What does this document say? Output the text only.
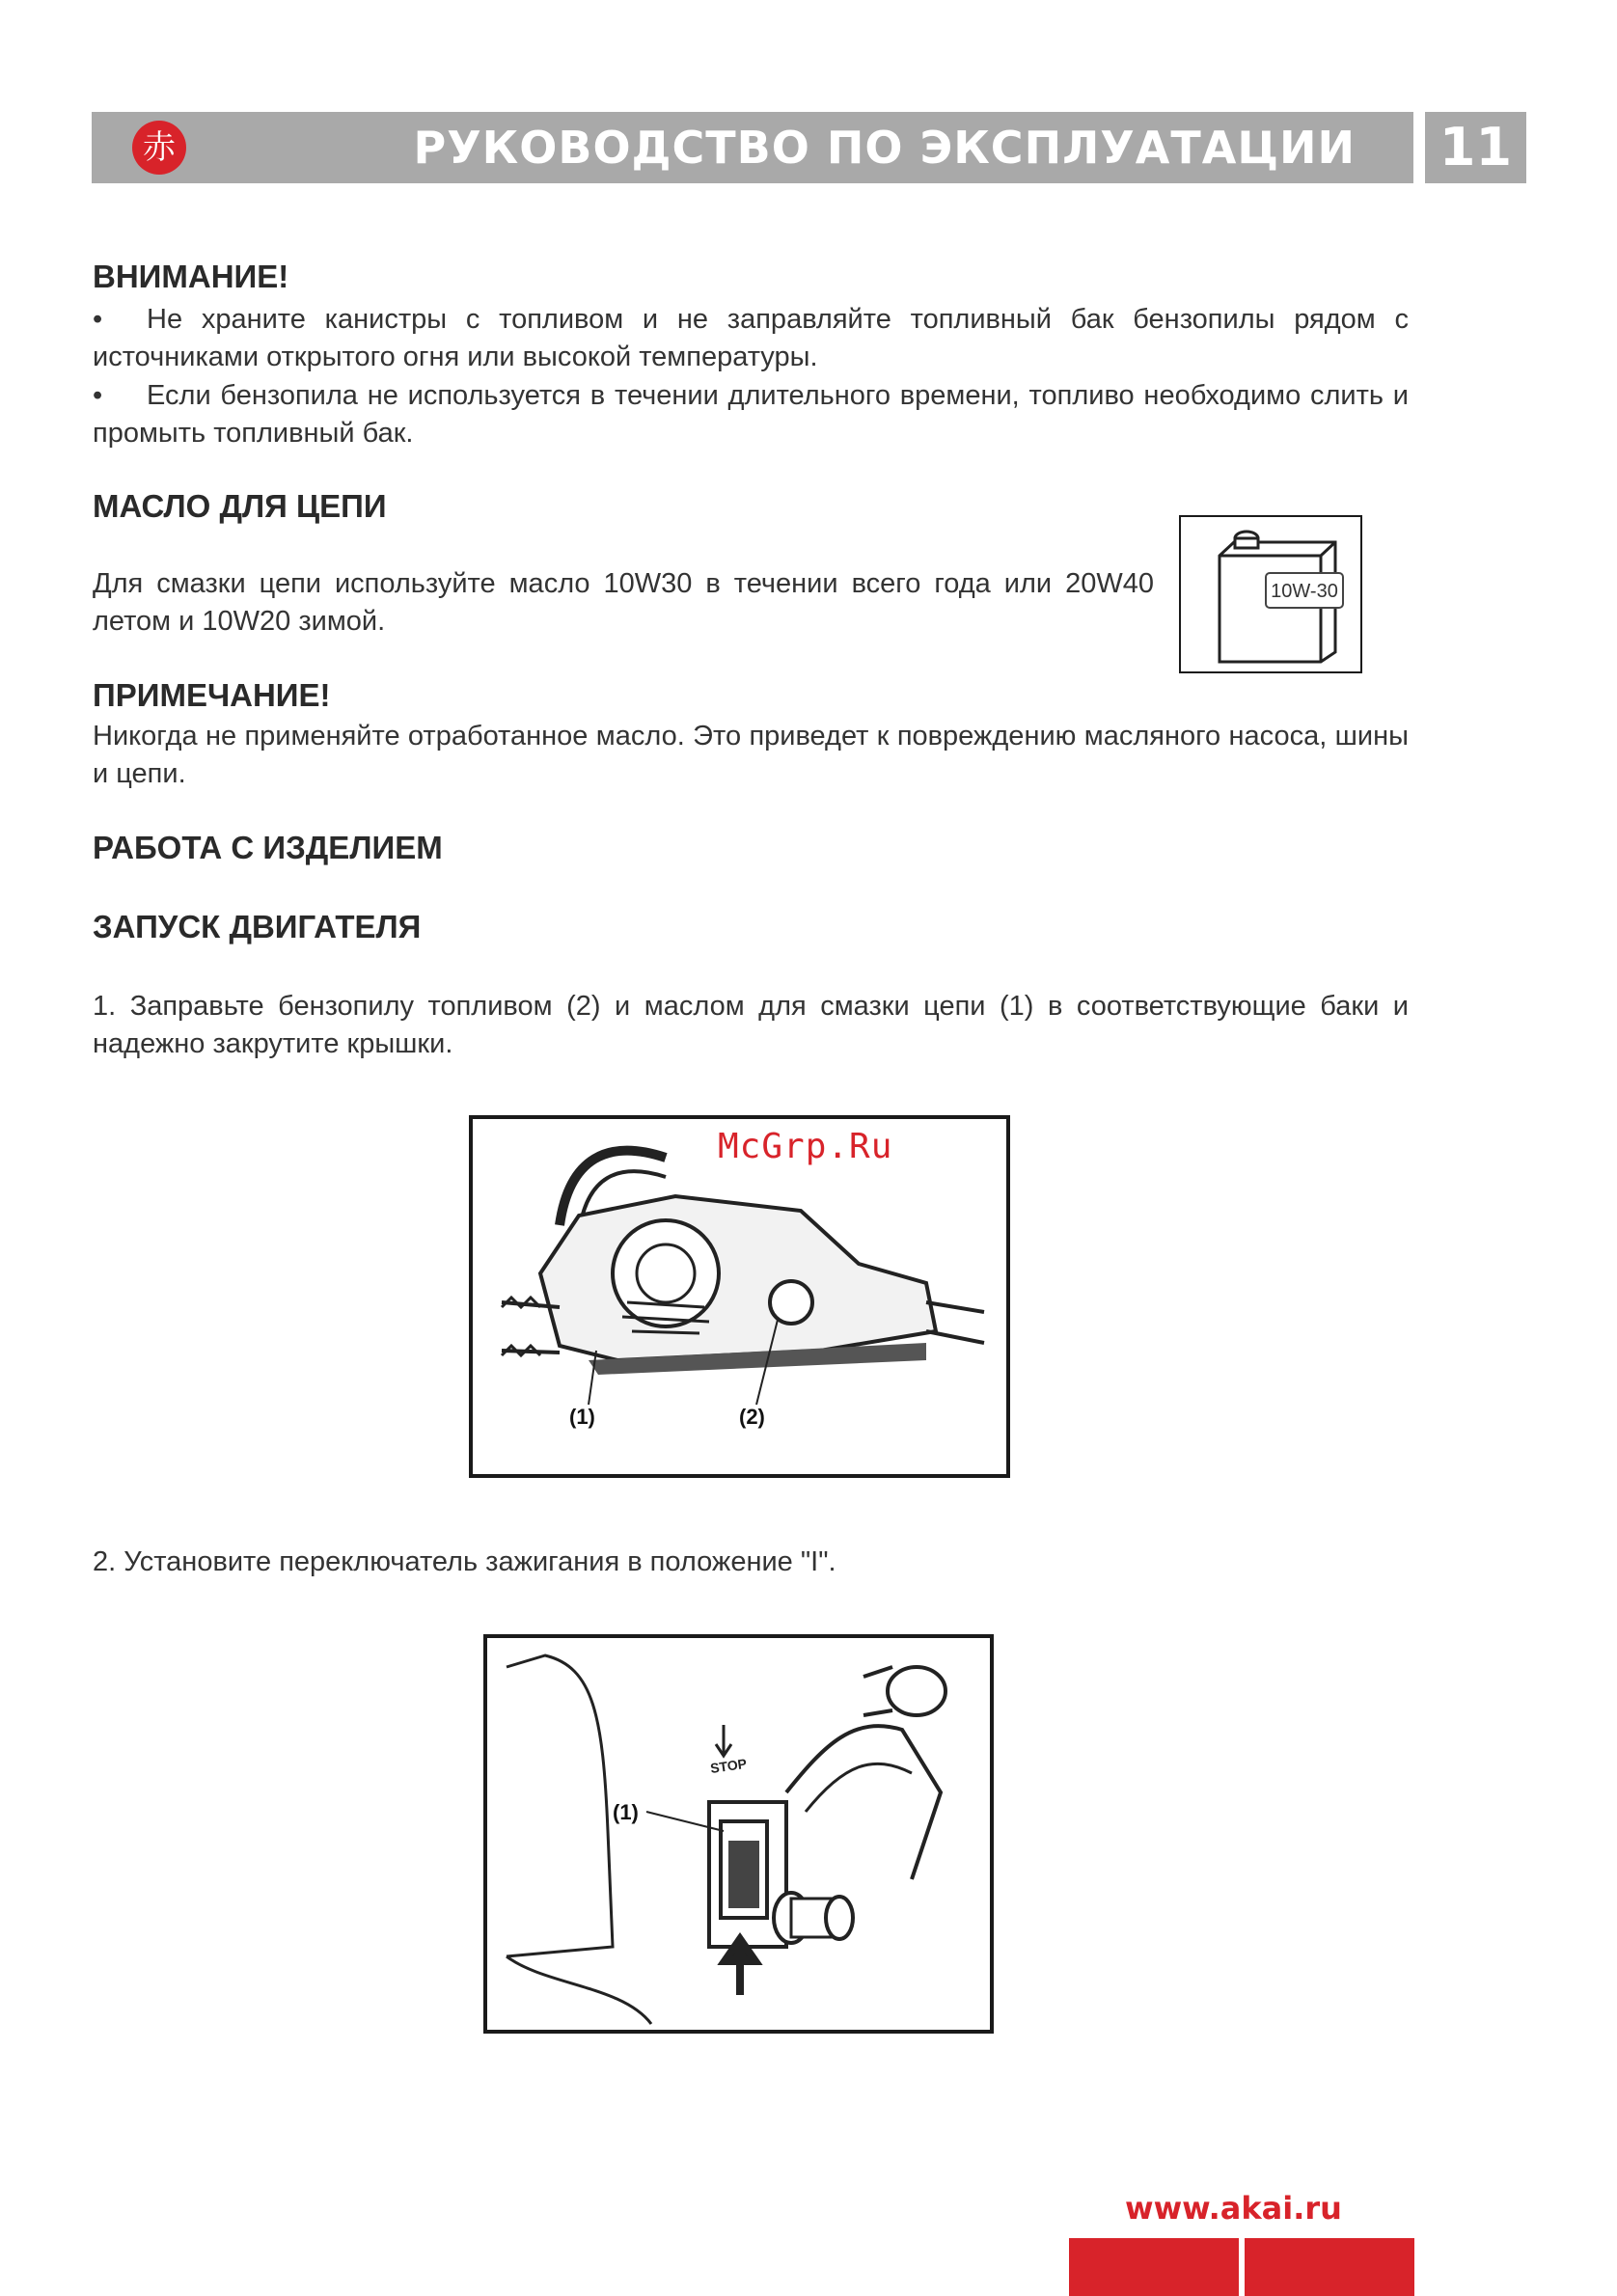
赤	РУКОВОДСТВО ПО ЭКСПЛУАТАЦИИ 11
ВНИМАНИЕ!
•	Не храните канистры с топливом и не заправляйте топливный бак бензопилы рядом с источниками открытого огня или высокой температуры.
•	Если бензопила не используется в течении длительного времени, топливо необходимо слить и промыть топливный бак.
МАСЛО ДЛЯ ЦЕПИ

Для смазки цепи используйте масло 10W30 в течении всего года или 20W40 летом и 10W20 зимой.

10W-30
ПРИМЕЧАНИЕ!

Никогда не применяйте отработанное масло. Это приведет к повреждению масляного насоса, шины и цепи.

РАБОТА С ИЗДЕЛИЕМ
ЗАПУСК ДВИГАТЕЛЯ

1. Заправьте бензопилу топливом (2) и маслом для смазки цепи (1) в соответствующие баки и надежно закрутите крышки.

(1)	(2)
McGrp.Ru

2. Установите переключатель зажигания в положение "I".

STOP
(1)
www.akai.ru
